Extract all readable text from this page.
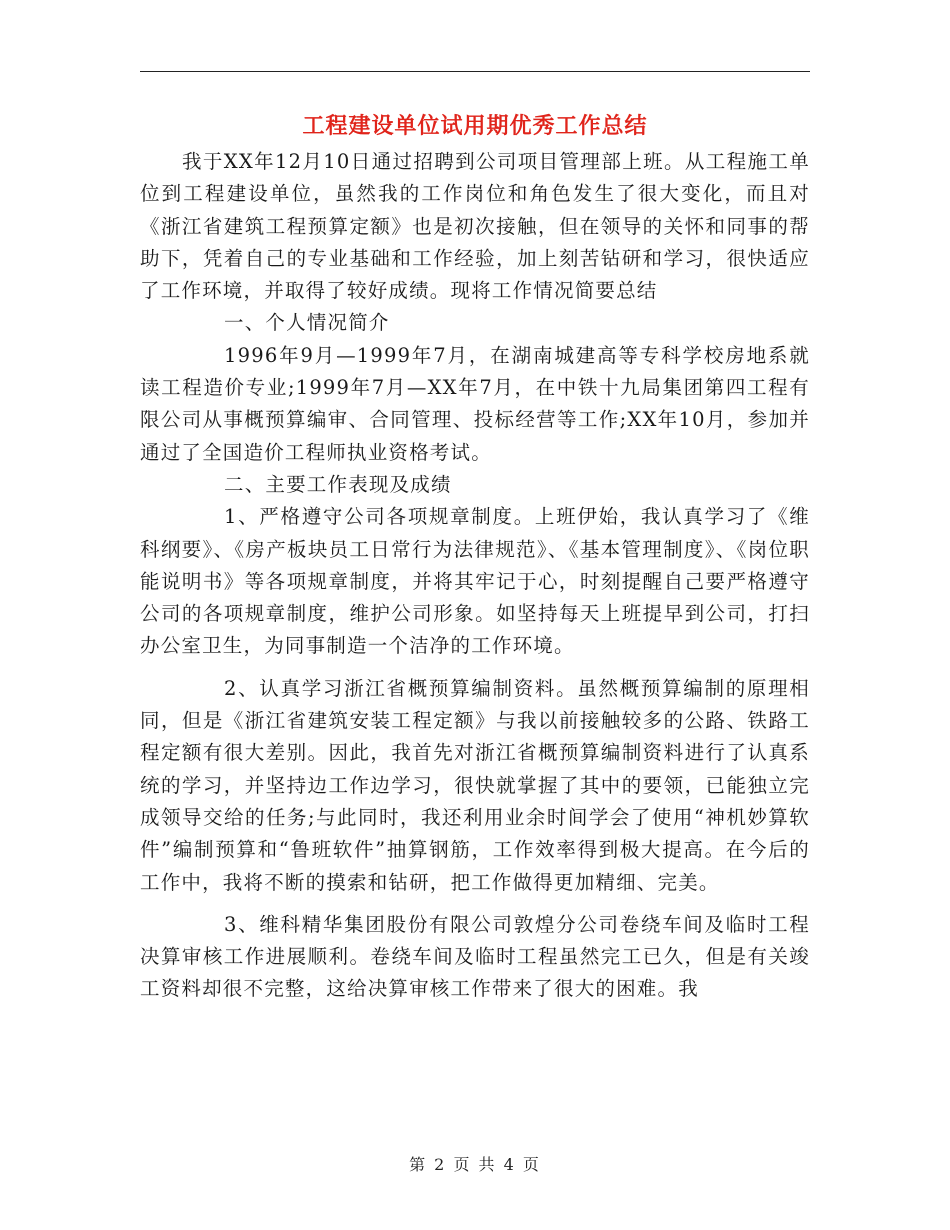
工程建设单位试用期优秀工作总结

我于XX年12月10日通过招聘到公司项目管理部上班。从工程施工单位到工程建设单位，虽然我的工作岗位和角色发生了很大变化，而且对《浙江省建筑工程预算定额》也是初次接触，但在领导的关怀和同事的帮助下，凭着自己的专业基础和工作经验，加上刻苦钻研和学习，很快适应了工作环境，并取得了较好成绩。现将工作情况简要总结

一、个人情况简介

1996年9月—1999年7月，在湖南城建高等专科学校房地系就读工程造价专业;1999年7月—XX年7月，在中铁十九局集团第四工程有限公司从事概预算编审、合同管理、投标经营等工作;XX年10月，参加并通过了全国造价工程师执业资格考试。

二、主要工作表现及成绩

1、严格遵守公司各项规章制度。上班伊始，我认真学习了《维科纲要》、《房产板块员工日常行为法律规范》、《基本管理制度》、《岗位职能说明书》等各项规章制度，并将其牢记于心，时刻提醒自己要严格遵守公司的各项规章制度，维护公司形象。如坚持每天上班提早到公司，打扫办公室卫生，为同事制造一个洁净的工作环境。

2、认真学习浙江省概预算编制资料。虽然概预算编制的原理相同，但是《浙江省建筑安装工程定额》与我以前接触较多的公路、铁路工程定额有很大差别。因此，我首先对浙江省概预算编制资料进行了认真系统的学习，并坚持边工作边学习，很快就掌握了其中的要领，已能独立完成领导交给的任务;与此同时，我还利用业余时间学会了使用“神机妙算软件”编制预算和“鲁班软件”抽算钢筋，工作效率得到极大提高。在今后的工作中，我将不断的摸索和钻研，把工作做得更加精细、完美。

3、维科精华集团股份有限公司敦煌分公司卷绕车间及临时工程决算审核工作进展顺利。卷绕车间及临时工程虽然完工已久，但是有关竣工资料却很不完整，这给决算审核工作带来了很大的困难。我

第 2 页 共 4 页
